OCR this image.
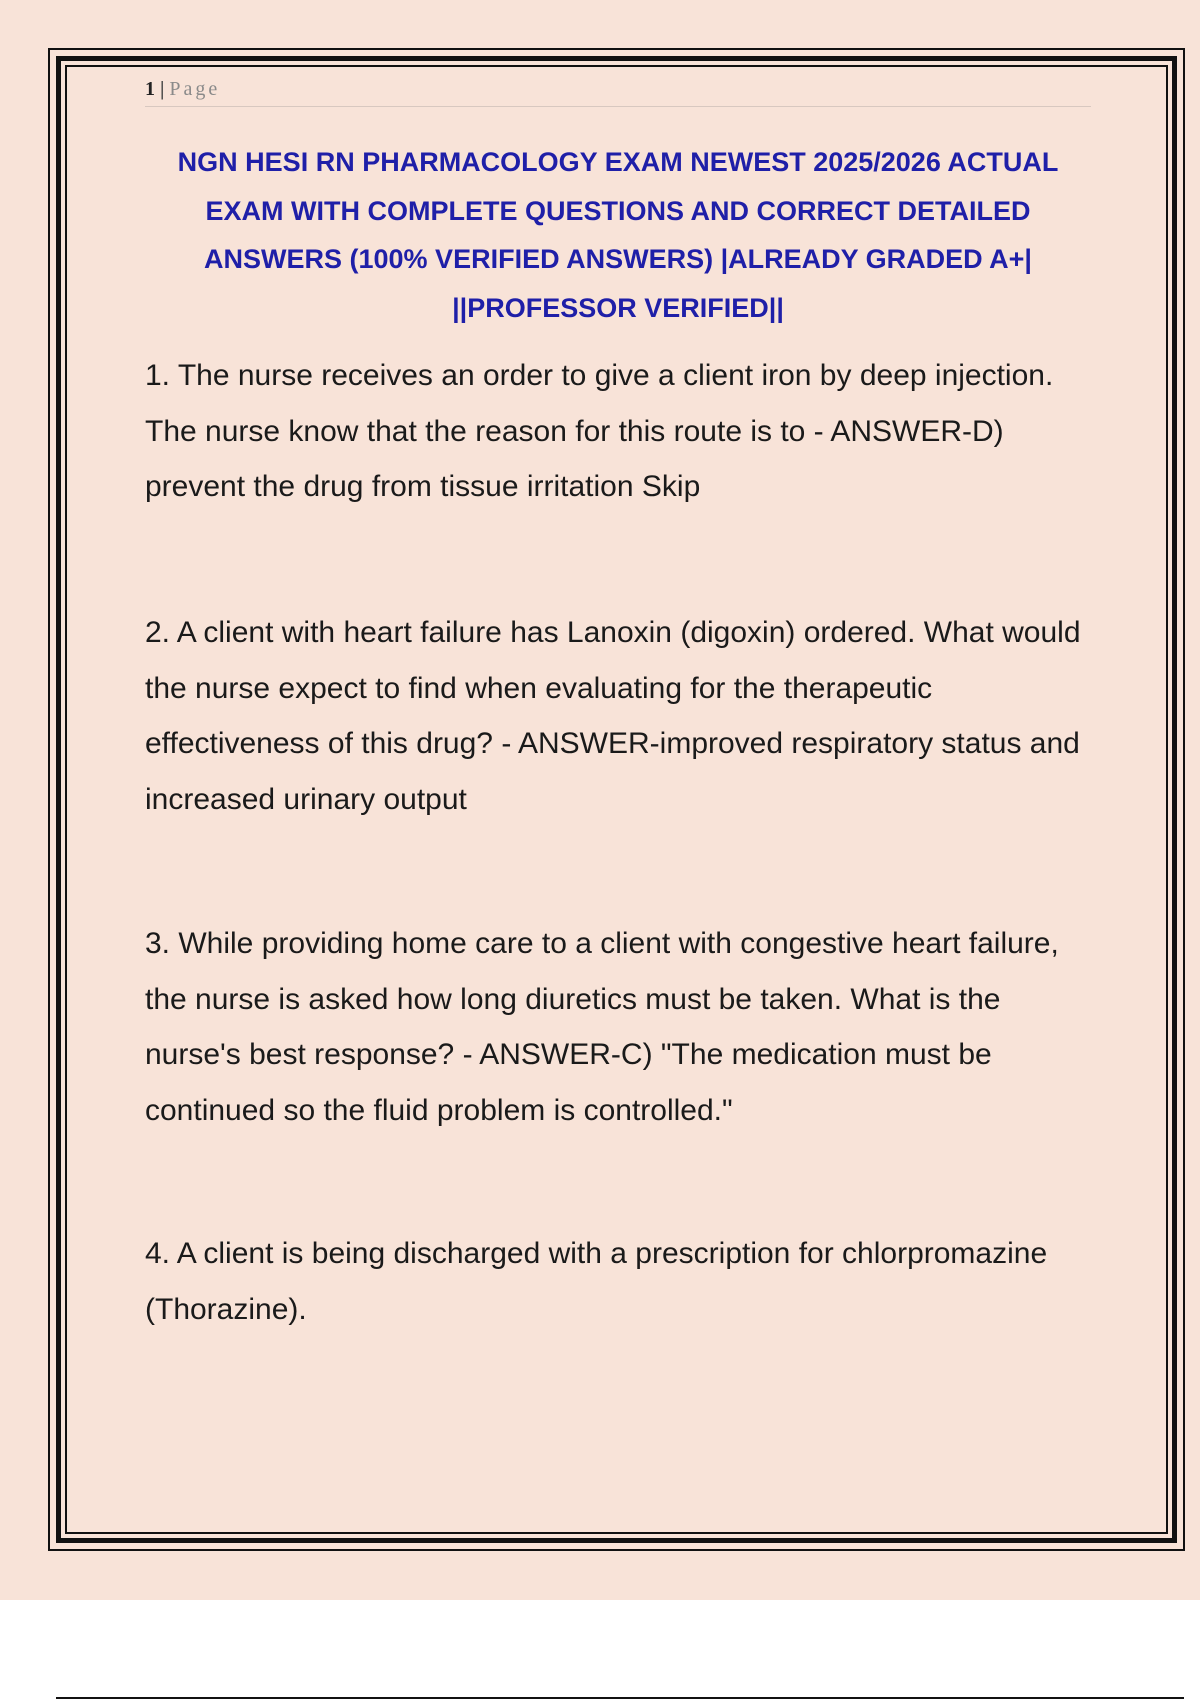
1 | Page
NGN HESI RN PHARMACOLOGY EXAM NEWEST 2025/2026 ACTUAL EXAM WITH COMPLETE QUESTIONS AND CORRECT DETAILED ANSWERS (100% VERIFIED ANSWERS) |ALREADY GRADED A+| ||PROFESSOR VERIFIED||
1. The nurse receives an order to give a client iron by deep injection. The nurse know that the reason for this route is to - ANSWER-D) prevent the drug from tissue irritation Skip
2. A client with heart failure has Lanoxin (digoxin) ordered. What would the nurse expect to find when evaluating for the therapeutic effectiveness of this drug? - ANSWER-improved respiratory status and increased urinary output
3. While providing home care to a client with congestive heart failure, the nurse is asked how long diuretics must be taken. What is the nurse's best response? - ANSWER-C) "The medication must be continued so the fluid problem is controlled."
4. A client is being discharged with a prescription for chlorpromazine (Thorazine).
